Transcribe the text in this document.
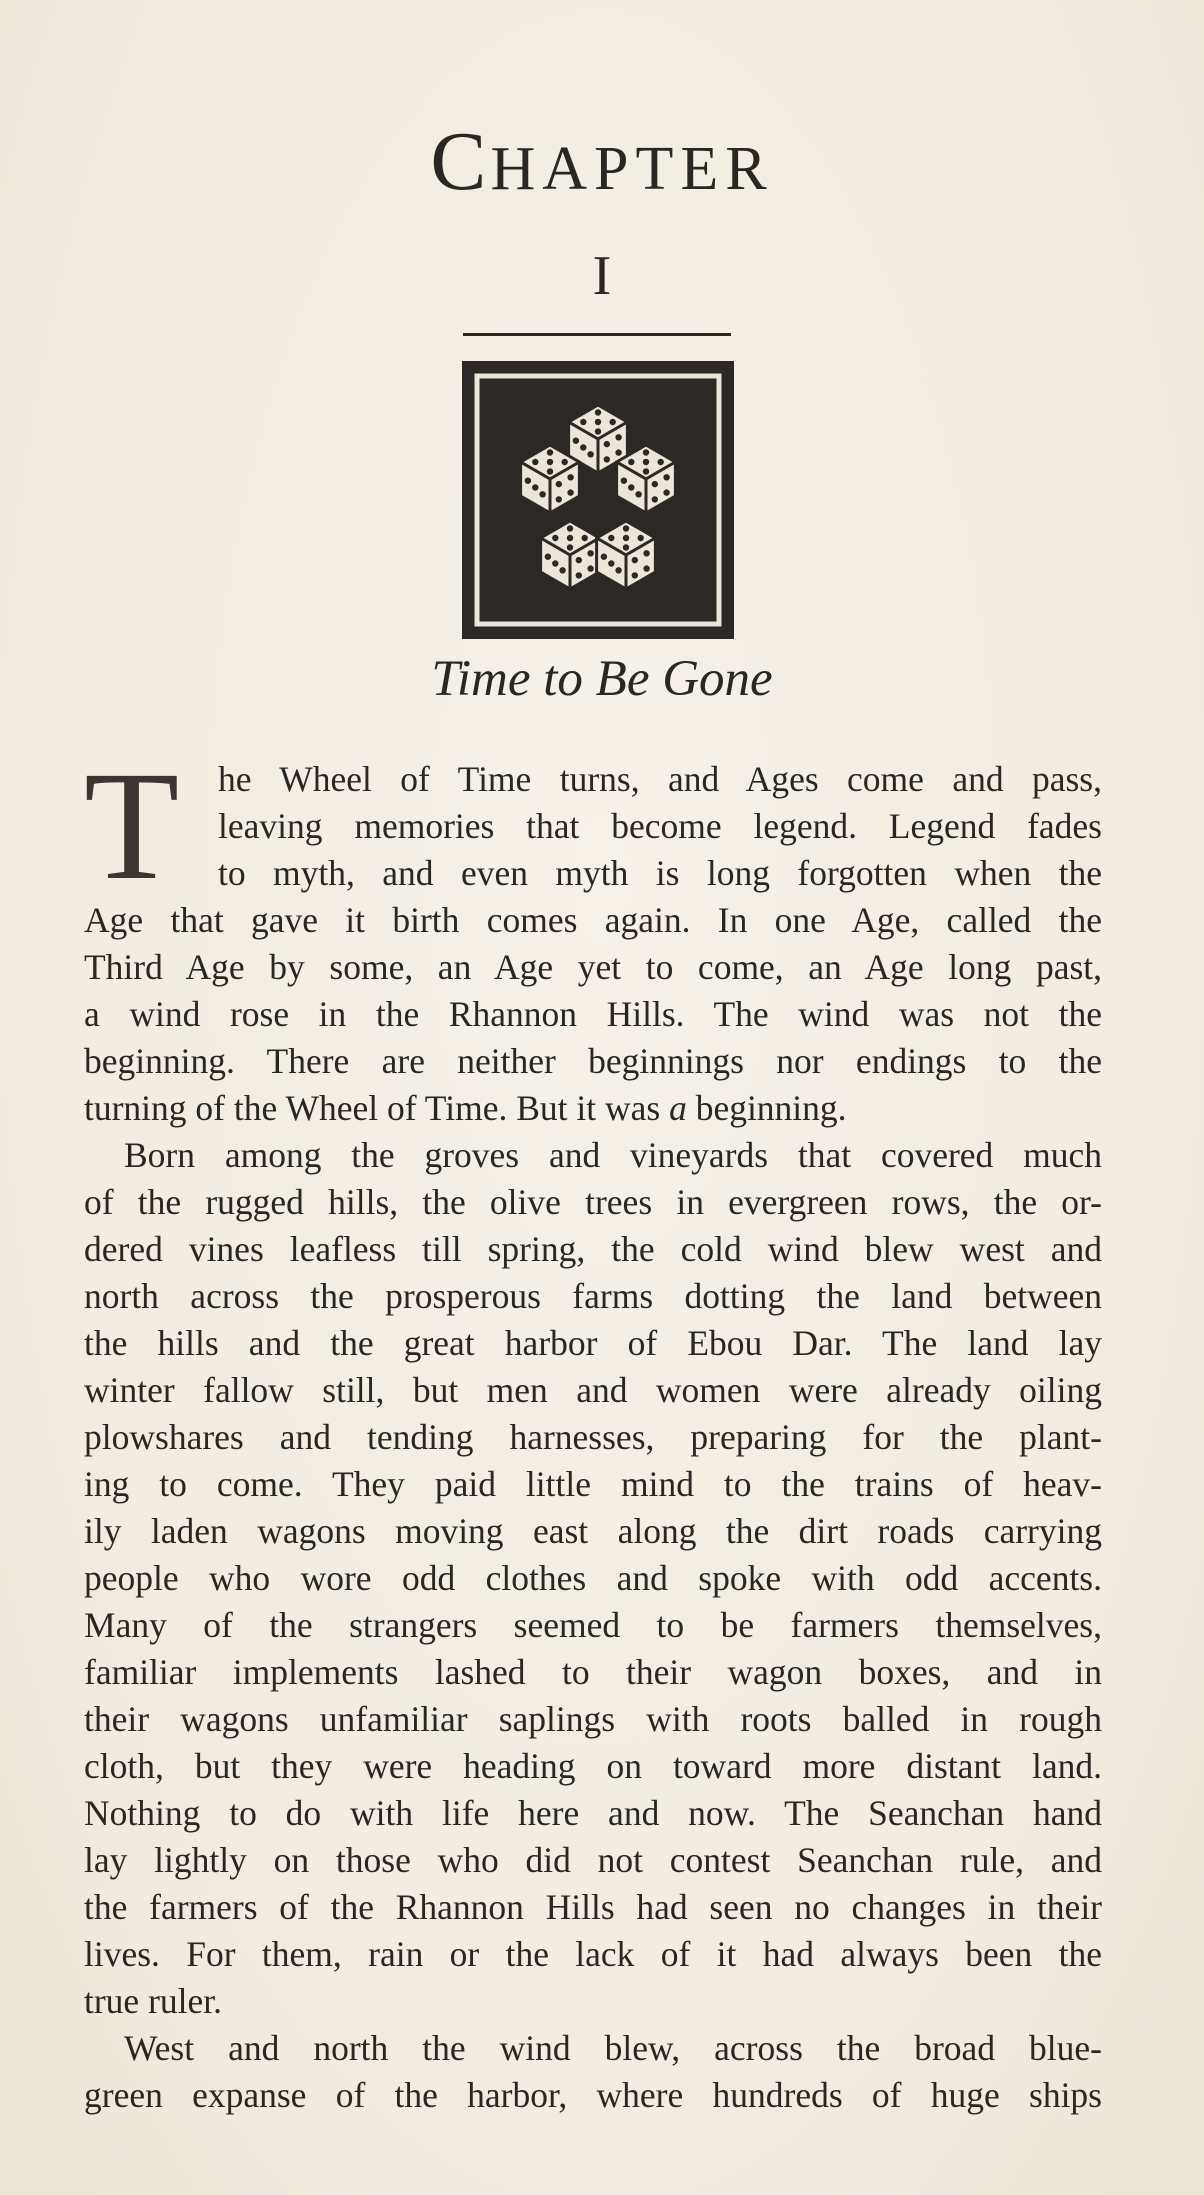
CHAPTER
I
Time to Be Gone
T he Wheel of Time turns, and Ages come and pass,
leaving memories that become legend. Legend fades
to myth, and even myth is long forgotten when the
Age that gave it birth comes again. In one Age, called the
Third Age by some, an Age yet to come, an Age long past,
a wind rose in the Rhannon Hills. The wind was not the
beginning. There are neither beginnings nor endings to the
turning of the Wheel of Time. But it was a beginning.
Born among the groves and vineyards that covered much
of the rugged hills, the olive trees in evergreen rows, the or-
dered vines leafless till spring, the cold wind blew west and
north across the prosperous farms dotting the land between
the hills and the great harbor of Ebou Dar. The land lay
winter fallow still, but men and women were already oiling
plowshares and tending harnesses, preparing for the plant-
ing to come. They paid little mind to the trains of heav-
ily laden wagons moving east along the dirt roads carrying
people who wore odd clothes and spoke with odd accents.
Many of the strangers seemed to be farmers themselves,
familiar implements lashed to their wagon boxes, and in
their wagons unfamiliar saplings with roots balled in rough
cloth, but they were heading on toward more distant land.
Nothing to do with life here and now. The Seanchan hand
lay lightly on those who did not contest Seanchan rule, and
the farmers of the Rhannon Hills had seen no changes in their
lives. For them, rain or the lack of it had always been the
true ruler.
West and north the wind blew, across the broad blue-
green expanse of the harbor, where hundreds of huge ships
